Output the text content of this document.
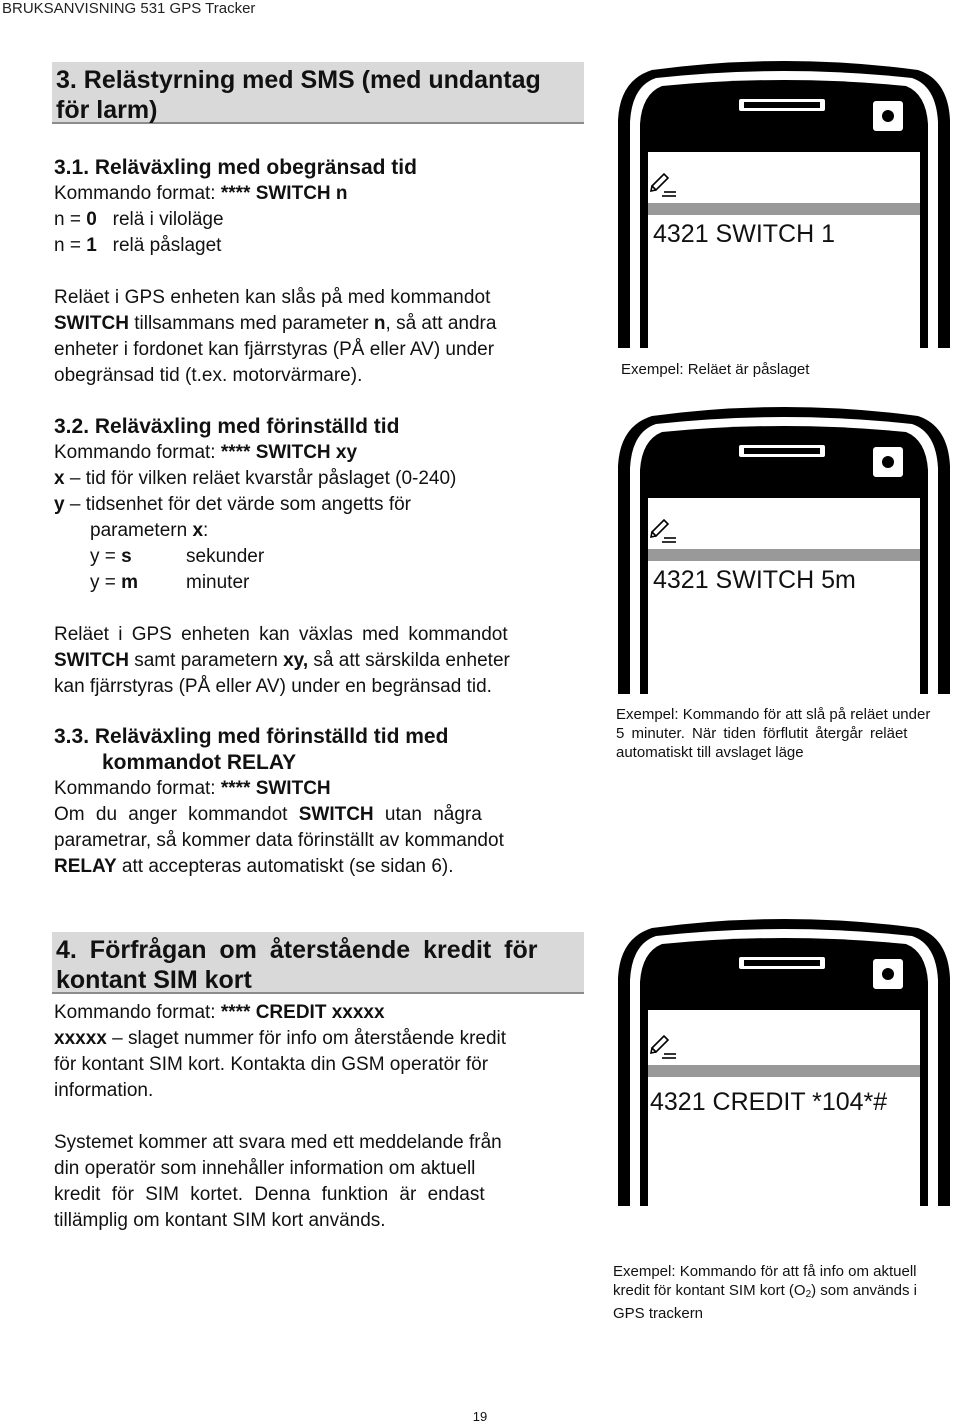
BRUKSANVISNING 531 GPS Tracker
3. Relästyrning med SMS (med undantag
för larm)

3.1. Reläväxling med obegränsad tid

Kommando format: **** SWITCH n

n = 0 relä i viloläge

n = 1 relä påslaget

Reläet i GPS enheten kan slås på med kommandot

SWITCH tillsammans med parameter n, så att andra

enheter i fordonet kan fjärrstyras (PÅ eller AV) under

obegränsad tid (t.ex. motorvärmare).

3.2. Reläväxling med förinställd tid

Kommando format: **** SWITCH xy

x – tid för vilken reläet kvarstår påslaget (0-240)

y – tidsenhet för det värde som angetts för

parametern x:

y = s	sekunder

y = m	minuter

Reläet i GPS enheten kan växlas med kommandot

SWITCH samt parametern xy, så att särskilda enheter

kan fjärrstyras (PÅ eller AV) under en begränsad tid.

3.3. Reläväxling med förinställd tid med

kommandot RELAY

Kommando format: **** SWITCH

Om du anger kommandot SWITCH utan några

parametrar, så kommer data förinställt av kommandot

RELAY att accepteras automatiskt (se sidan 6).

4. Förfrågan om återstående kredit för
kontant SIM kort

Kommando format: **** CREDIT xxxxx

xxxxx – slaget nummer för info om återstående kredit

för kontant SIM kort. Kontakta din GSM operatör för

information.

Systemet kommer att svara med ett meddelande från

din operatör som innehåller information om aktuell

kredit för SIM kortet. Denna funktion är endast

tillämplig om kontant SIM kort används.

4321 SWITCH 1
Exempel: Reläet är påslaget
4321 SWITCH 5m
Exempel: Kommando för att slå på reläet under
5 minuter. När tiden förflutit återgår reläet
automatiskt till avslaget läge
4321 CREDIT *104*#
Exempel: Kommando för att få info om aktuell
kredit för kontant SIM kort (O2) som används i
GPS trackern
19
